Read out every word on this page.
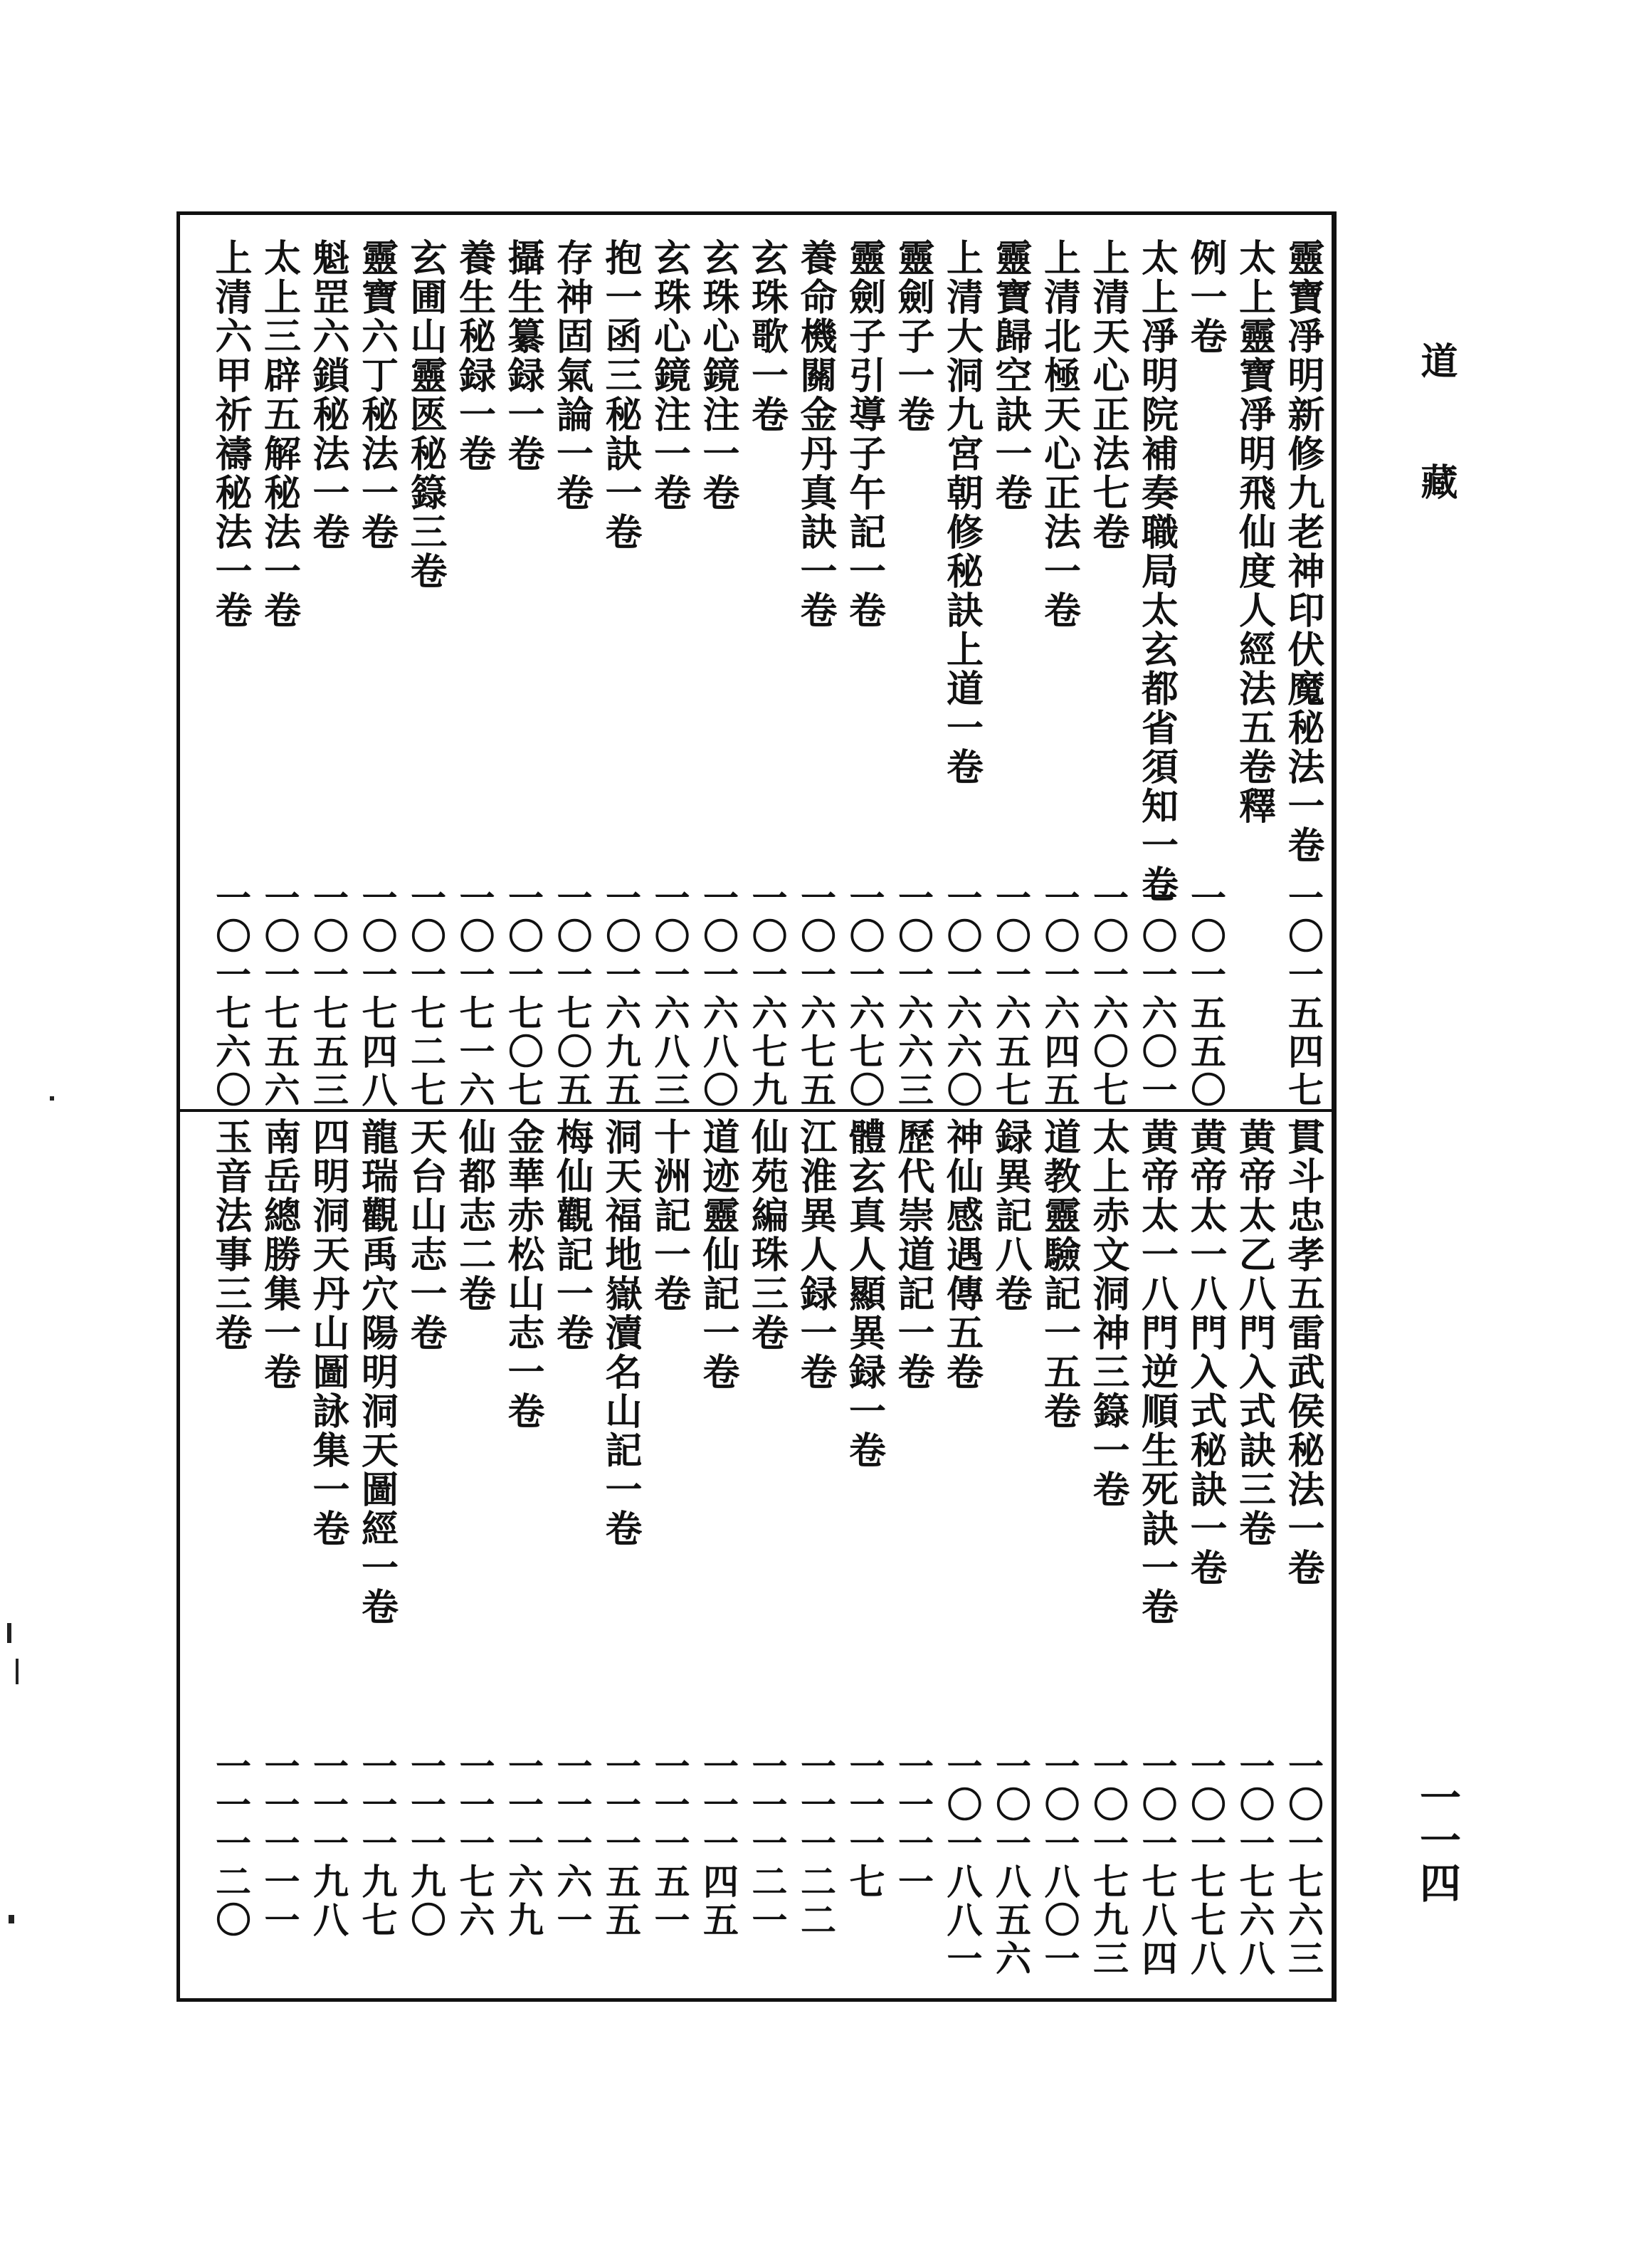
道
藏
一一四
靈寶凈明新修九老神印伏魔秘法一卷
一〇一五四七
太上靈寶凈明飛仙度人經法五卷釋
例一卷
一〇一五五〇
太上凈明院補奏職局太玄都省須知一卷
一〇一六〇一
上清天心正法七卷
一〇一六〇七
上清北極天心正法一卷
一〇一六四五
靈寶歸空訣一卷
一〇一六五七
上清大洞九宮朝修秘訣上道一卷
一〇一六六〇
靈劍子一卷
一〇一六六三
靈劍子引導子午記一卷
一〇一六七〇
養命機關金丹真訣一卷
一〇一六七五
玄珠歌一卷
一〇一六七九
玄珠心鏡注一卷
一〇一六八〇
玄珠心鏡注一卷
一〇一六八三
抱一函三秘訣一卷
一〇一六九五
存神固氣論一卷
一〇一七〇五
攝生纂録一卷
一〇一七〇七
養生秘録一卷
一〇一七一六
玄圃山靈匧秘籙三卷
一〇一七二七
靈寶六丁秘法一卷
一〇一七四八
魁罡六鎖秘法一卷
一〇一七五三
太上三辟五解秘法一卷
一〇一七五六
上清六甲祈禱秘法一卷
一〇一七六〇
貫斗忠孝五雷武侯秘法一卷
一〇一七六三
黄帝太乙八門入式訣三卷
一〇一七六八
黄帝太一八門入式秘訣一卷
一〇一七七八
黄帝太一八門逆順生死訣一卷
一〇一七八四
太上赤文洞神三籙一卷
一〇一七九三
道教靈驗記一五卷
一〇一八〇一
録異記八卷
一〇一八五六
神仙感遇傳五卷
一〇一八八一
歷代崇道記一卷
一一一一
體玄真人顯異録一卷
一一一七
江淮異人録一卷
一一一二二
仙苑編珠三卷
一一一二一
道迹靈仙記一卷
一一一四五
十洲記一卷
一一一五一
洞天福地嶽瀆名山記一卷
一一一五五
梅仙觀記一卷
一一一六一
金華赤松山志一卷
一一一六九
仙都志二卷
一一一七六
天台山志一卷
一一一九〇
龍瑞觀禹穴陽明洞天圖經一卷
一一一九七
四明洞天丹山圖詠集一卷
一一一九八
南岳總勝集一卷
一一一一一
玉音法事三卷
一一一二〇
